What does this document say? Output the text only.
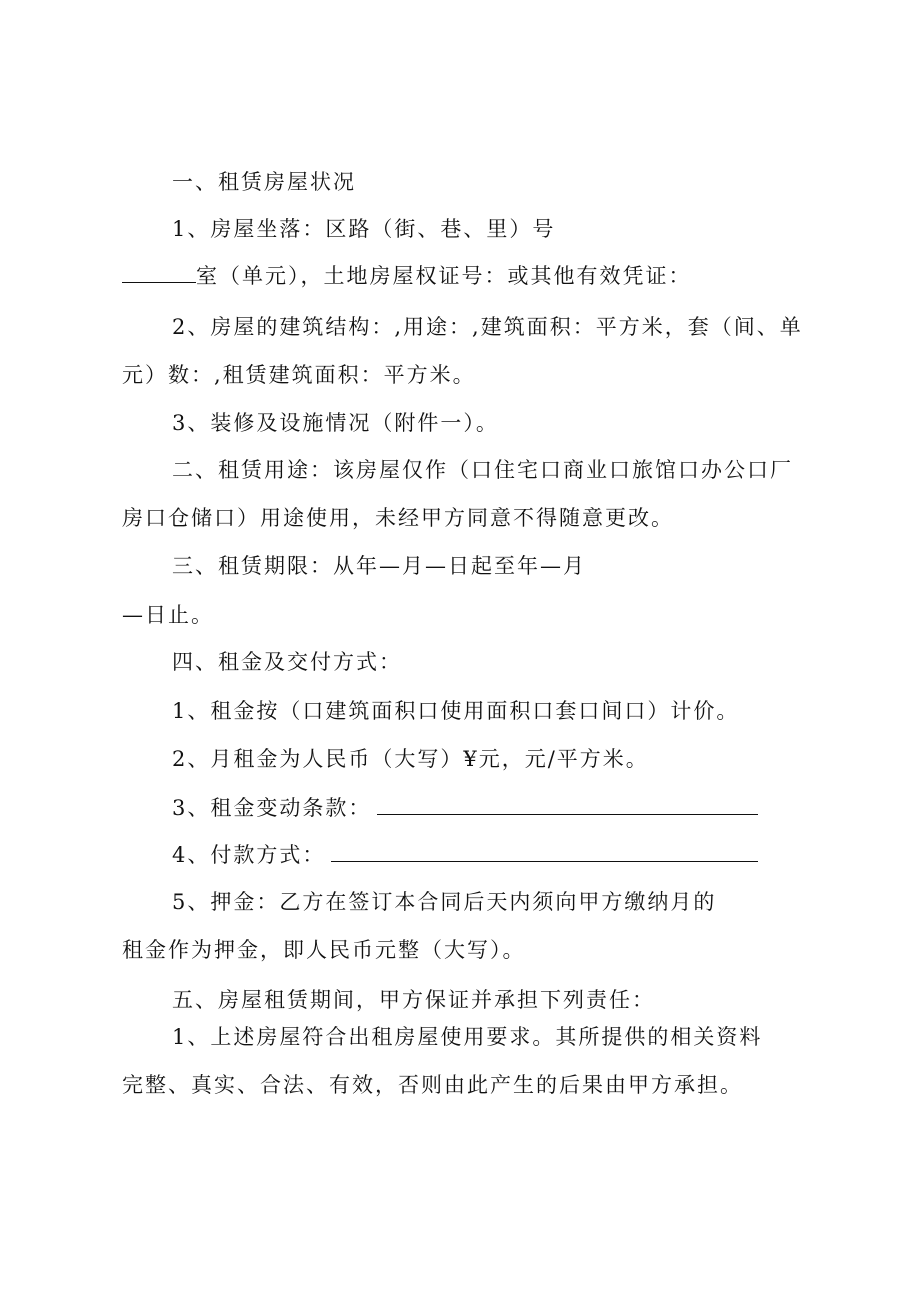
一、租赁房屋状况
1、房屋坐落：区路（街、巷、里）号
室（单元），土地房屋权证号：或其他有效凭证：
2、房屋的建筑结构：,用途：,建筑面积：平方米，套（间、单
元）数：,租赁建筑面积：平方米。
3、装修及设施情况（附件一）。
二、租赁用途：该房屋仅作（口住宅口商业口旅馆口办公口厂
房口仓储口）用途使用，未经甲方同意不得随意更改。
三、租赁期限：从年—月—日起至年—月
—日止。
四、租金及交付方式：
1、租金按（口建筑面积口使用面积口套口间口）计价。
2、月租金为人民币（大写）¥元，元/平方米。
3、租金变动条款：
4、付款方式：
5、押金：乙方在签订本合同后天内须向甲方缴纳月的
租金作为押金，即人民币元整（大写）。
五、房屋租赁期间，甲方保证并承担下列责任：
1、上述房屋符合出租房屋使用要求。其所提供的相关资料
完整、真实、合法、有效，否则由此产生的后果由甲方承担。
